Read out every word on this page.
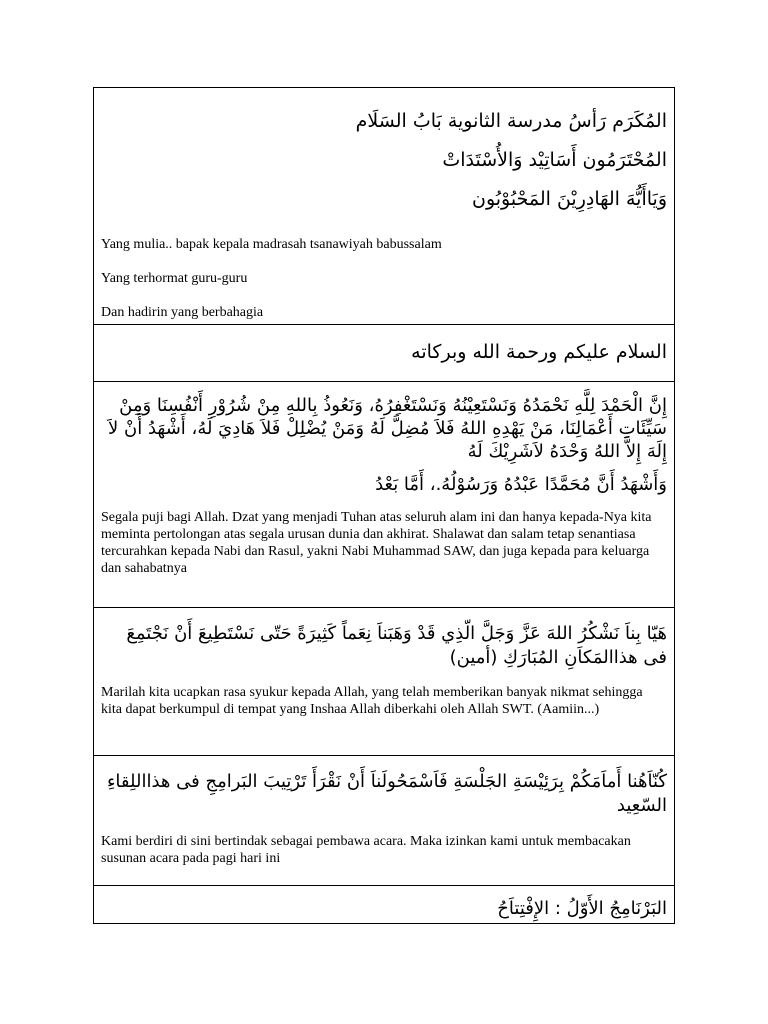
المُكَرَم رَأسُ مدرسة الثانوية بَابُ السَلَام

المُحْتَرَمُون أَسَاتِيْد وَالأُسْتَدَاتْ

وَيَاأَيُّهَ الهَادِرِيْنَ المَحْبُوْبُون

Yang mulia.. bapak kepala madrasah tsanawiyah babussalam

Yang terhormat guru-guru

Dan hadirin yang berbahagia

السلام عليكم ورحمة الله وبركاته

إِنَّ الْحَمْدَ لِلَّهِ نَحْمَدُهُ وَنَسْتَعِيْنُهُ وَنَسْتَغْفِرُهُ، وَنَعُوذُ بِاللهِ مِنْ شُرُوْرِ أَنْفُسِنَا وَمِنْ سَيِّئَاتِ أَعْمَالِنَا، مَنْ يَهْدِهِ اللهُ فَلاَ مُضِلَّ لَهُ وَمَنْ يُضْلِلْ فَلاَ هَادِيَ لَهُ، أَشْهَدُ أَنْ لاَ إِلَهَ إِلاَّ اللهُ وَحْدَهُ لاَشَرِيْكَ لَهُ

وَأَشْهَدُ أَنَّ مُحَمَّدًا عَبْدُهُ وَرَسُوْلُهُ.، أَمَّا بَعْدُ

Segala puji bagi Allah. Dzat yang menjadi Tuhan atas seluruh alam ini dan hanya kepada-Nya kita meminta pertolongan atas segala urusan dunia dan akhirat. Shalawat dan salam tetap senantiasa tercurahkan kepada Nabi dan Rasul, yakni Nabi Muhammad SAW, dan juga kepada para keluarga dan sahabatnya

هَيّا بِناَ نَشْكُرُ اللهَ عَزَّ وَجَلَّ الّذِي قَدْ وَهَبَناَ نِعَماً كَثِيرَةً حَتّى نَسْتَطِيعَ أَنْ نَجْتَمِعَ فى هذاالمَكاَنِ المُبَارَكِ (أمين)

Marilah kita ucapkan rasa syukur kepada Allah, yang telah memberikan banyak nikmat sehingga kita dapat berkumpul di tempat yang Inshaa Allah diberkahi oleh Allah SWT. (Aamiin...)

كُنّاَهُنا أَماَمَكُمْ بِرَئِيْسَةِ الجَلْسَةِ فَاَسْمَحُولَناَ أَنْ نَقْرَأَ تَرْتِيبَ البَرامِجِ فى هذااللِقاءِ السّعِيد

Kami berdiri di sini bertindak sebagai pembawa acara. Maka izinkan kami untuk membacakan susunan acara pada pagi hari ini

البَرْنَامِجُ الأَوّلُ : الإِفْتِتاَحُ
